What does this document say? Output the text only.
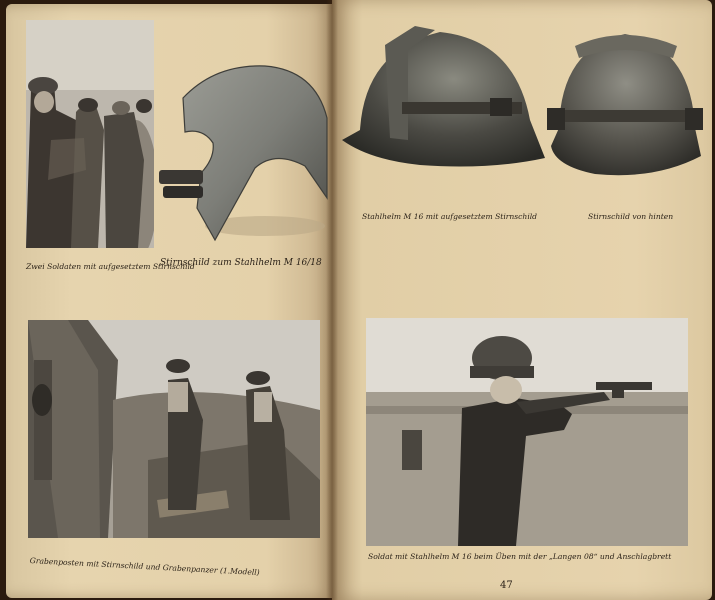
Zwei Soldaten mit aufgesetztem Stirnschild

Stirnschild zum Stahlhelm M 16/18

Stahlhelm M 16 mit aufgesetztem Stirnschild	Stirnschild von hinten

Grabenposten mit Stirnschild und Grabenpanzer (1.Modell)	Soldat mit Stahlhelm M 16 beim Üben mit der „Langen 08“ und Anschlagbrett

47
